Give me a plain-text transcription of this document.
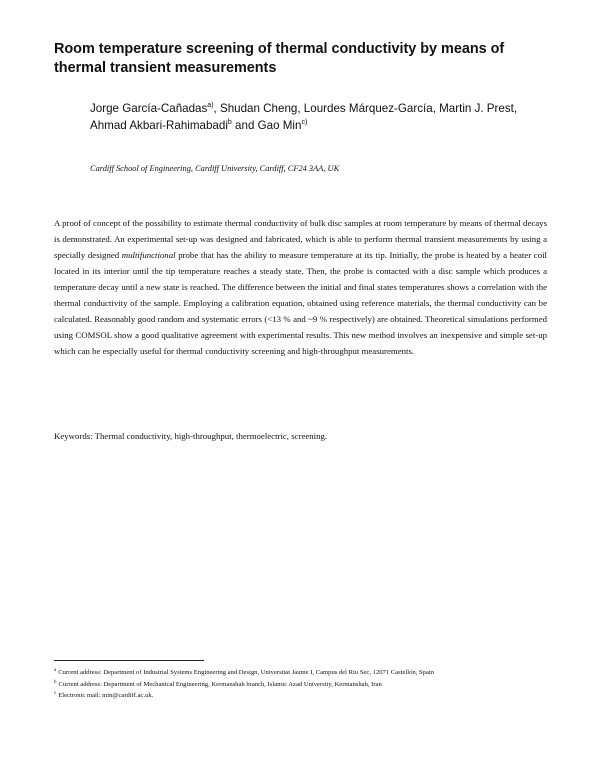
Room temperature screening of thermal conductivity by means of thermal transient measurements
Jorge García-Cañadas$^{a)}$, Shudan Cheng, Lourdes Márquez-García, Martin J. Prest, Ahmad Akbari-Rahimabadi$^b$ and Gao Min$^{c)}$
Cardiff School of Engineering, Cardiff University, Cardiff, CF24 3AA, UK

A proof of concept of the possibility to estimate thermal conductivity of bulk disc samples at room temperature by means of thermal decays is demonstrated. An experimental set-up was designed and fabricated, which is able to perform thermal transient measurements by using a specially designed multifunctional probe that has the ability to measure temperature at its tip. Initially, the probe is heated by a heater coil located in its interior until the tip temperature reaches a steady state. Then, the probe is contacted with a disc sample which produces a temperature decay until a new state is reached. The difference between the initial and final states temperatures shows a correlation with the thermal conductivity of the sample. Employing a calibration equation, obtained using reference materials, the thermal conductivity can be calculated. Reasonably good random and systematic errors (<13 % and ~9 % respectively) are obtained. Theoretical simulations performed using COMSOL show a good qualitative agreement with experimental results. This new method involves an inexpensive and simple set-up which can be especially useful for thermal conductivity screening and high-throughput measurements.

Keywords: Thermal conductivity, high-throughput, thermoelectric, screening.

$^a$ Current address: Department of Industrial Systems Engineering and Design, Universitat Jaume I, Campus del Riu Sec, 12071 Castellón, Spain
$^b$ Current address: Department of Mechanical Engineering, Kermanshah branch, Islamic Azad University, Kermanshah, Iran
$^c$ Electronic mail: min@cardiff.ac.uk.
